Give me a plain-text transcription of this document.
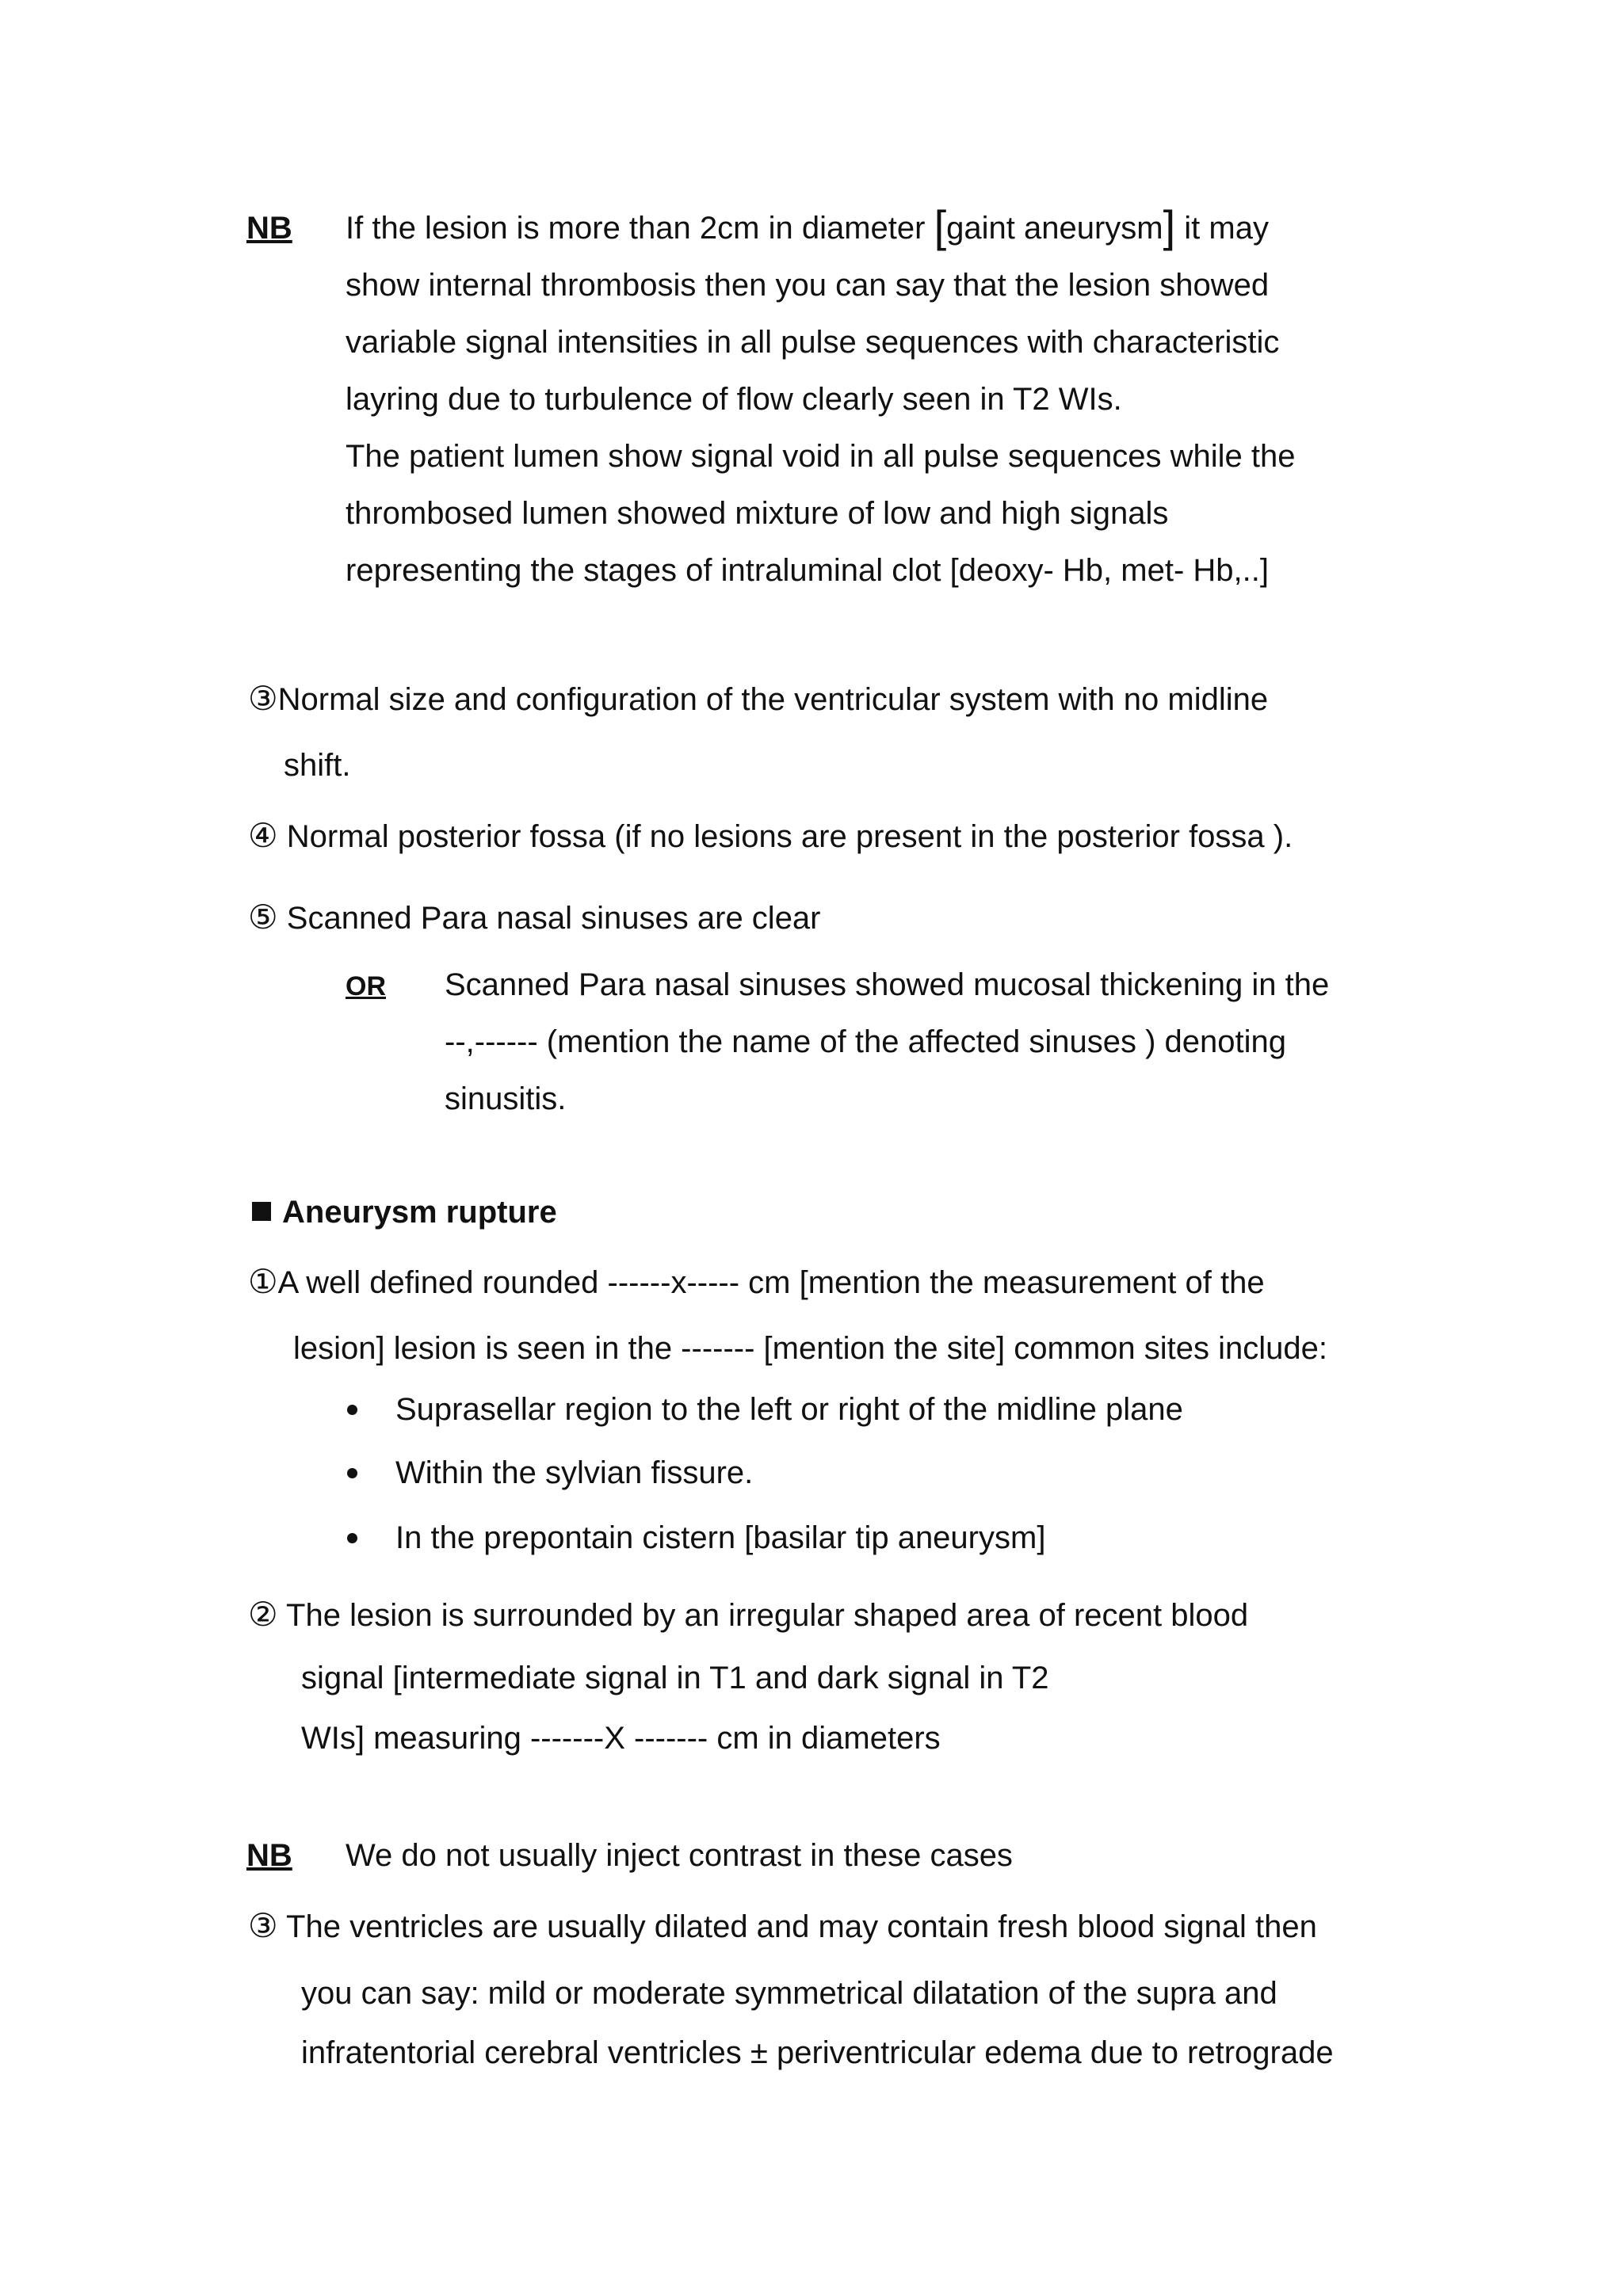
NB If the lesion is more than 2cm in diameter [gaint aneurysm] it may
show internal thrombosis then you can say that the lesion showed
variable signal intensities in all pulse sequences with characteristic
layring due to turbulence of flow clearly seen in T2 WIs.
The patient lumen show signal void in all pulse sequences while the
thrombosed lumen showed mixture of low and high signals
representing the stages of intraluminal clot [deoxy- Hb, met- Hb,..]
③Normal size and configuration of the ventricular system with no midline
shift.
④ Normal posterior fossa (if no lesions are present in the posterior fossa ).
⑤ Scanned Para nasal sinuses are clear
OR Scanned Para nasal sinuses showed mucosal thickening in the
--,------ (mention the name of the affected sinuses ) denoting
sinusitis.
Aneurysm rupture
①A well defined rounded ------x----- cm [mention the measurement of the
lesion] lesion is seen in the ------- [mention the site] common sites include:
Suprasellar region to the left or right of the midline plane
Within the sylvian fissure.
In the prepontain cistern [basilar tip aneurysm]
② The lesion is surrounded by an irregular shaped area of recent blood
signal [intermediate signal in T1 and dark signal in T2
WIs] measuring -------X ------- cm in diameters
NB We do not usually inject contrast in these cases
③ The ventricles are usually dilated and may contain fresh blood signal then
you can say: mild or moderate symmetrical dilatation of the supra and
infratentorial cerebral ventricles ± periventricular edema due to retrograde
